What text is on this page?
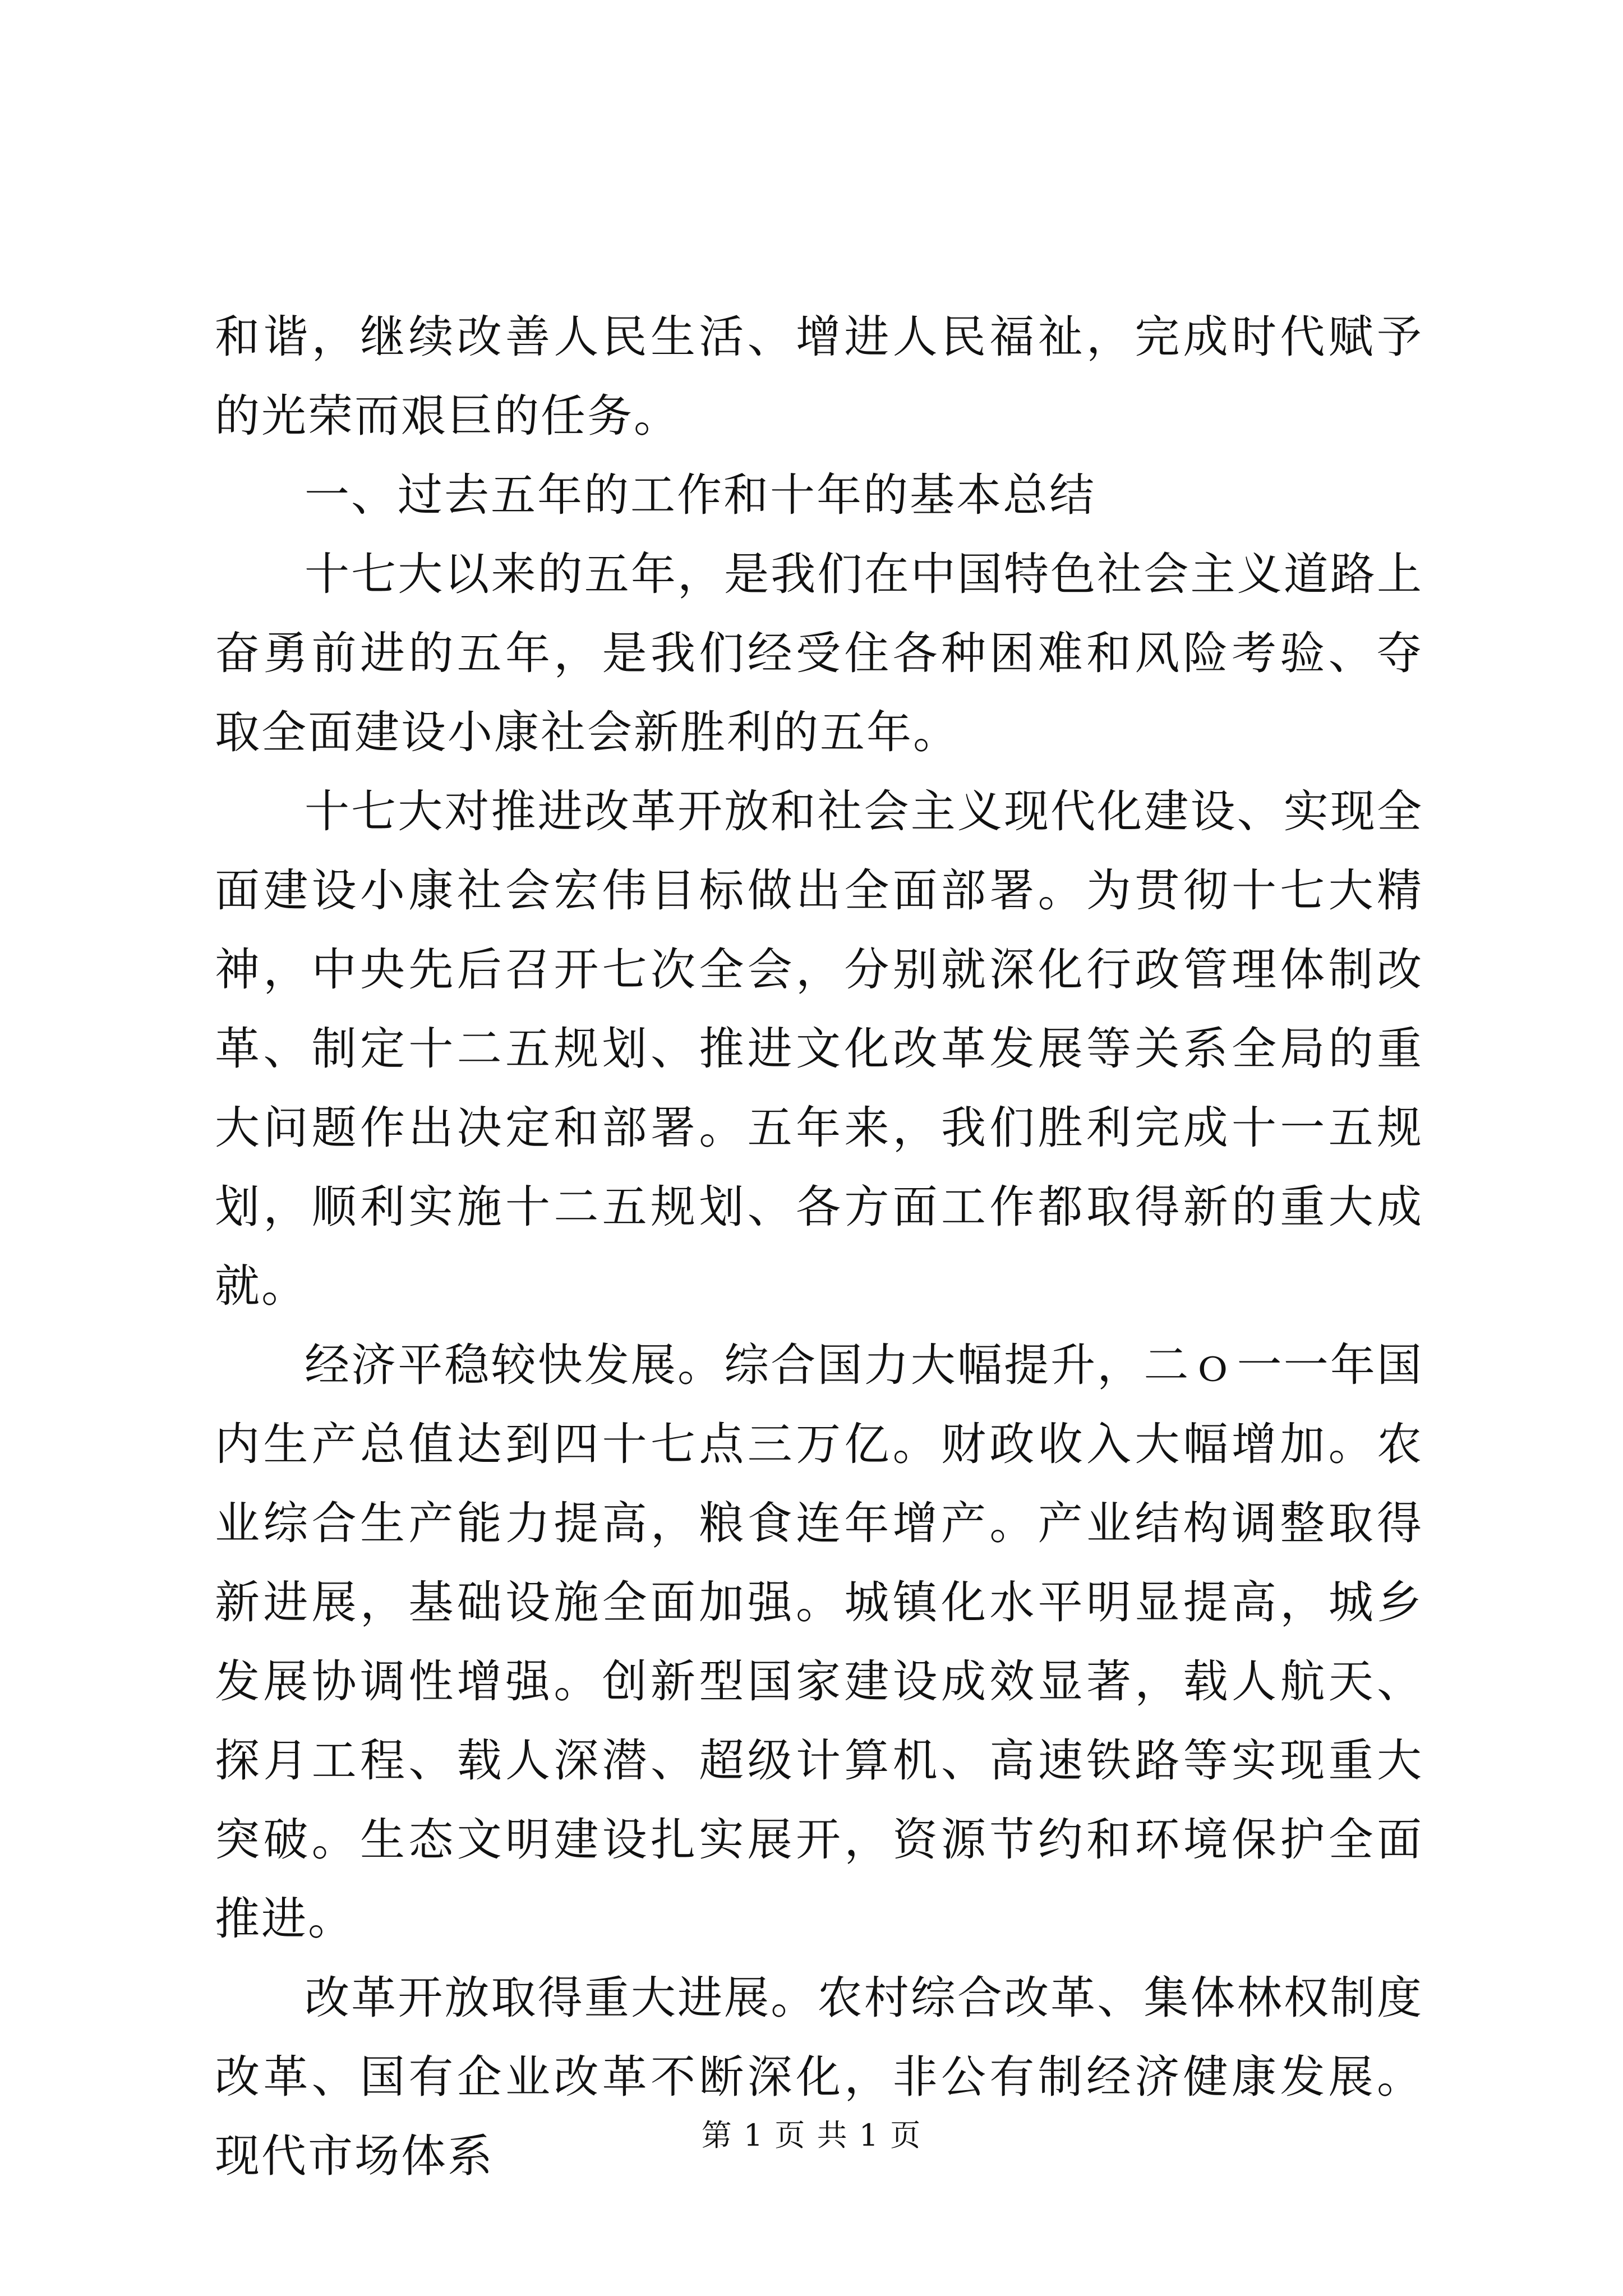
和谐，继续改善人民生活、增进人民福祉，完成时代赋予的光荣而艰巨的任务。

一、过去五年的工作和十年的基本总结

十七大以来的五年，是我们在中国特色社会主义道路上奋勇前进的五年，是我们经受住各种困难和风险考验、夺取全面建设小康社会新胜利的五年。

十七大对推进改革开放和社会主义现代化建设、实现全面建设小康社会宏伟目标做出全面部署。为贯彻十七大精神，中央先后召开七次全会，分别就深化行政管理体制改革、制定十二五规划、推进文化改革发展等关系全局的重大问题作出决定和部署。五年来，我们胜利完成十一五规划，顺利实施十二五规划、各方面工作都取得新的重大成就。

经济平稳较快发展。综合国力大幅提升，二ｏ一一年国内生产总值达到四十七点三万亿。财政收入大幅增加。农业综合生产能力提高，粮食连年增产。产业结构调整取得新进展，基础设施全面加强。城镇化水平明显提高，城乡发展协调性增强。创新型国家建设成效显著，载人航天、探月工程、载人深潜、超级计算机、高速铁路等实现重大突破。生态文明建设扎实展开，资源节约和环境保护全面推进。

改革开放取得重大进展。农村综合改革、集体林权制度改革、国有企业改革不断深化，非公有制经济健康发展。现代市场体系	第 1 页 共 1 页
